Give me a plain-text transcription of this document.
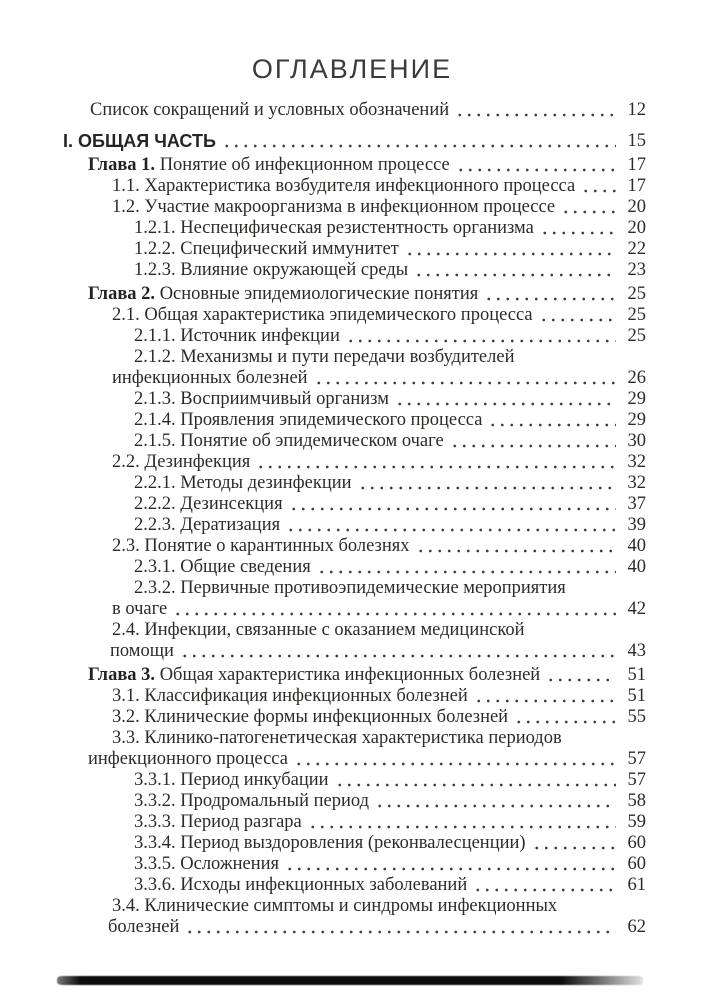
ОГЛАВЛЕНИЕ
Список сокращений и условных обозначений	12
I. ОБЩАЯ ЧАСТЬ	15
Глава 1. Понятие об инфекционном процессе	17
1.1. Характеристика возбудителя инфекционного процесса	17
1.2. Участие макроорганизма в инфекционном процессе	20
1.2.1. Неспецифическая резистентность организма	20
1.2.2. Специфический иммунитет	22
1.2.3. Влияние окружающей среды	23
Глава 2. Основные эпидемиологические понятия	25
2.1. Общая характеристика эпидемического процесса	25
2.1.1. Источник инфекции	25
2.1.2. Механизмы и пути передачи возбудителей
инфекционных болезней	26
2.1.3. Восприимчивый организм	29
2.1.4. Проявления эпидемического процесса	29
2.1.5. Понятие об эпидемическом очаге	30
2.2. Дезинфекция	32
2.2.1. Методы дезинфекции	32
2.2.2. Дезинсекция	37
2.2.3. Дератизация	39
2.3. Понятие о карантинных болезнях	40
2.3.1. Общие сведения	40
2.3.2. Первичные противоэпидемические мероприятия
в очаге	42
2.4. Инфекции, связанные с оказанием медицинской
помощи	43
Глава 3. Общая характеристика инфекционных болезней	51
3.1. Классификация инфекционных болезней	51
3.2. Клинические формы инфекционных болезней	55
3.3. Клинико-патогенетическая характеристика периодов
инфекционного процесса	57
3.3.1. Период инкубации	57
3.3.2. Продромальный период	58
3.3.3. Период разгара	59
3.3.4. Период выздоровления (реконвалесценции)	60
3.3.5. Осложнения	60
3.3.6. Исходы инфекционных заболеваний	61
3.4. Клинические симптомы и синдромы инфекционных
болезней	62
